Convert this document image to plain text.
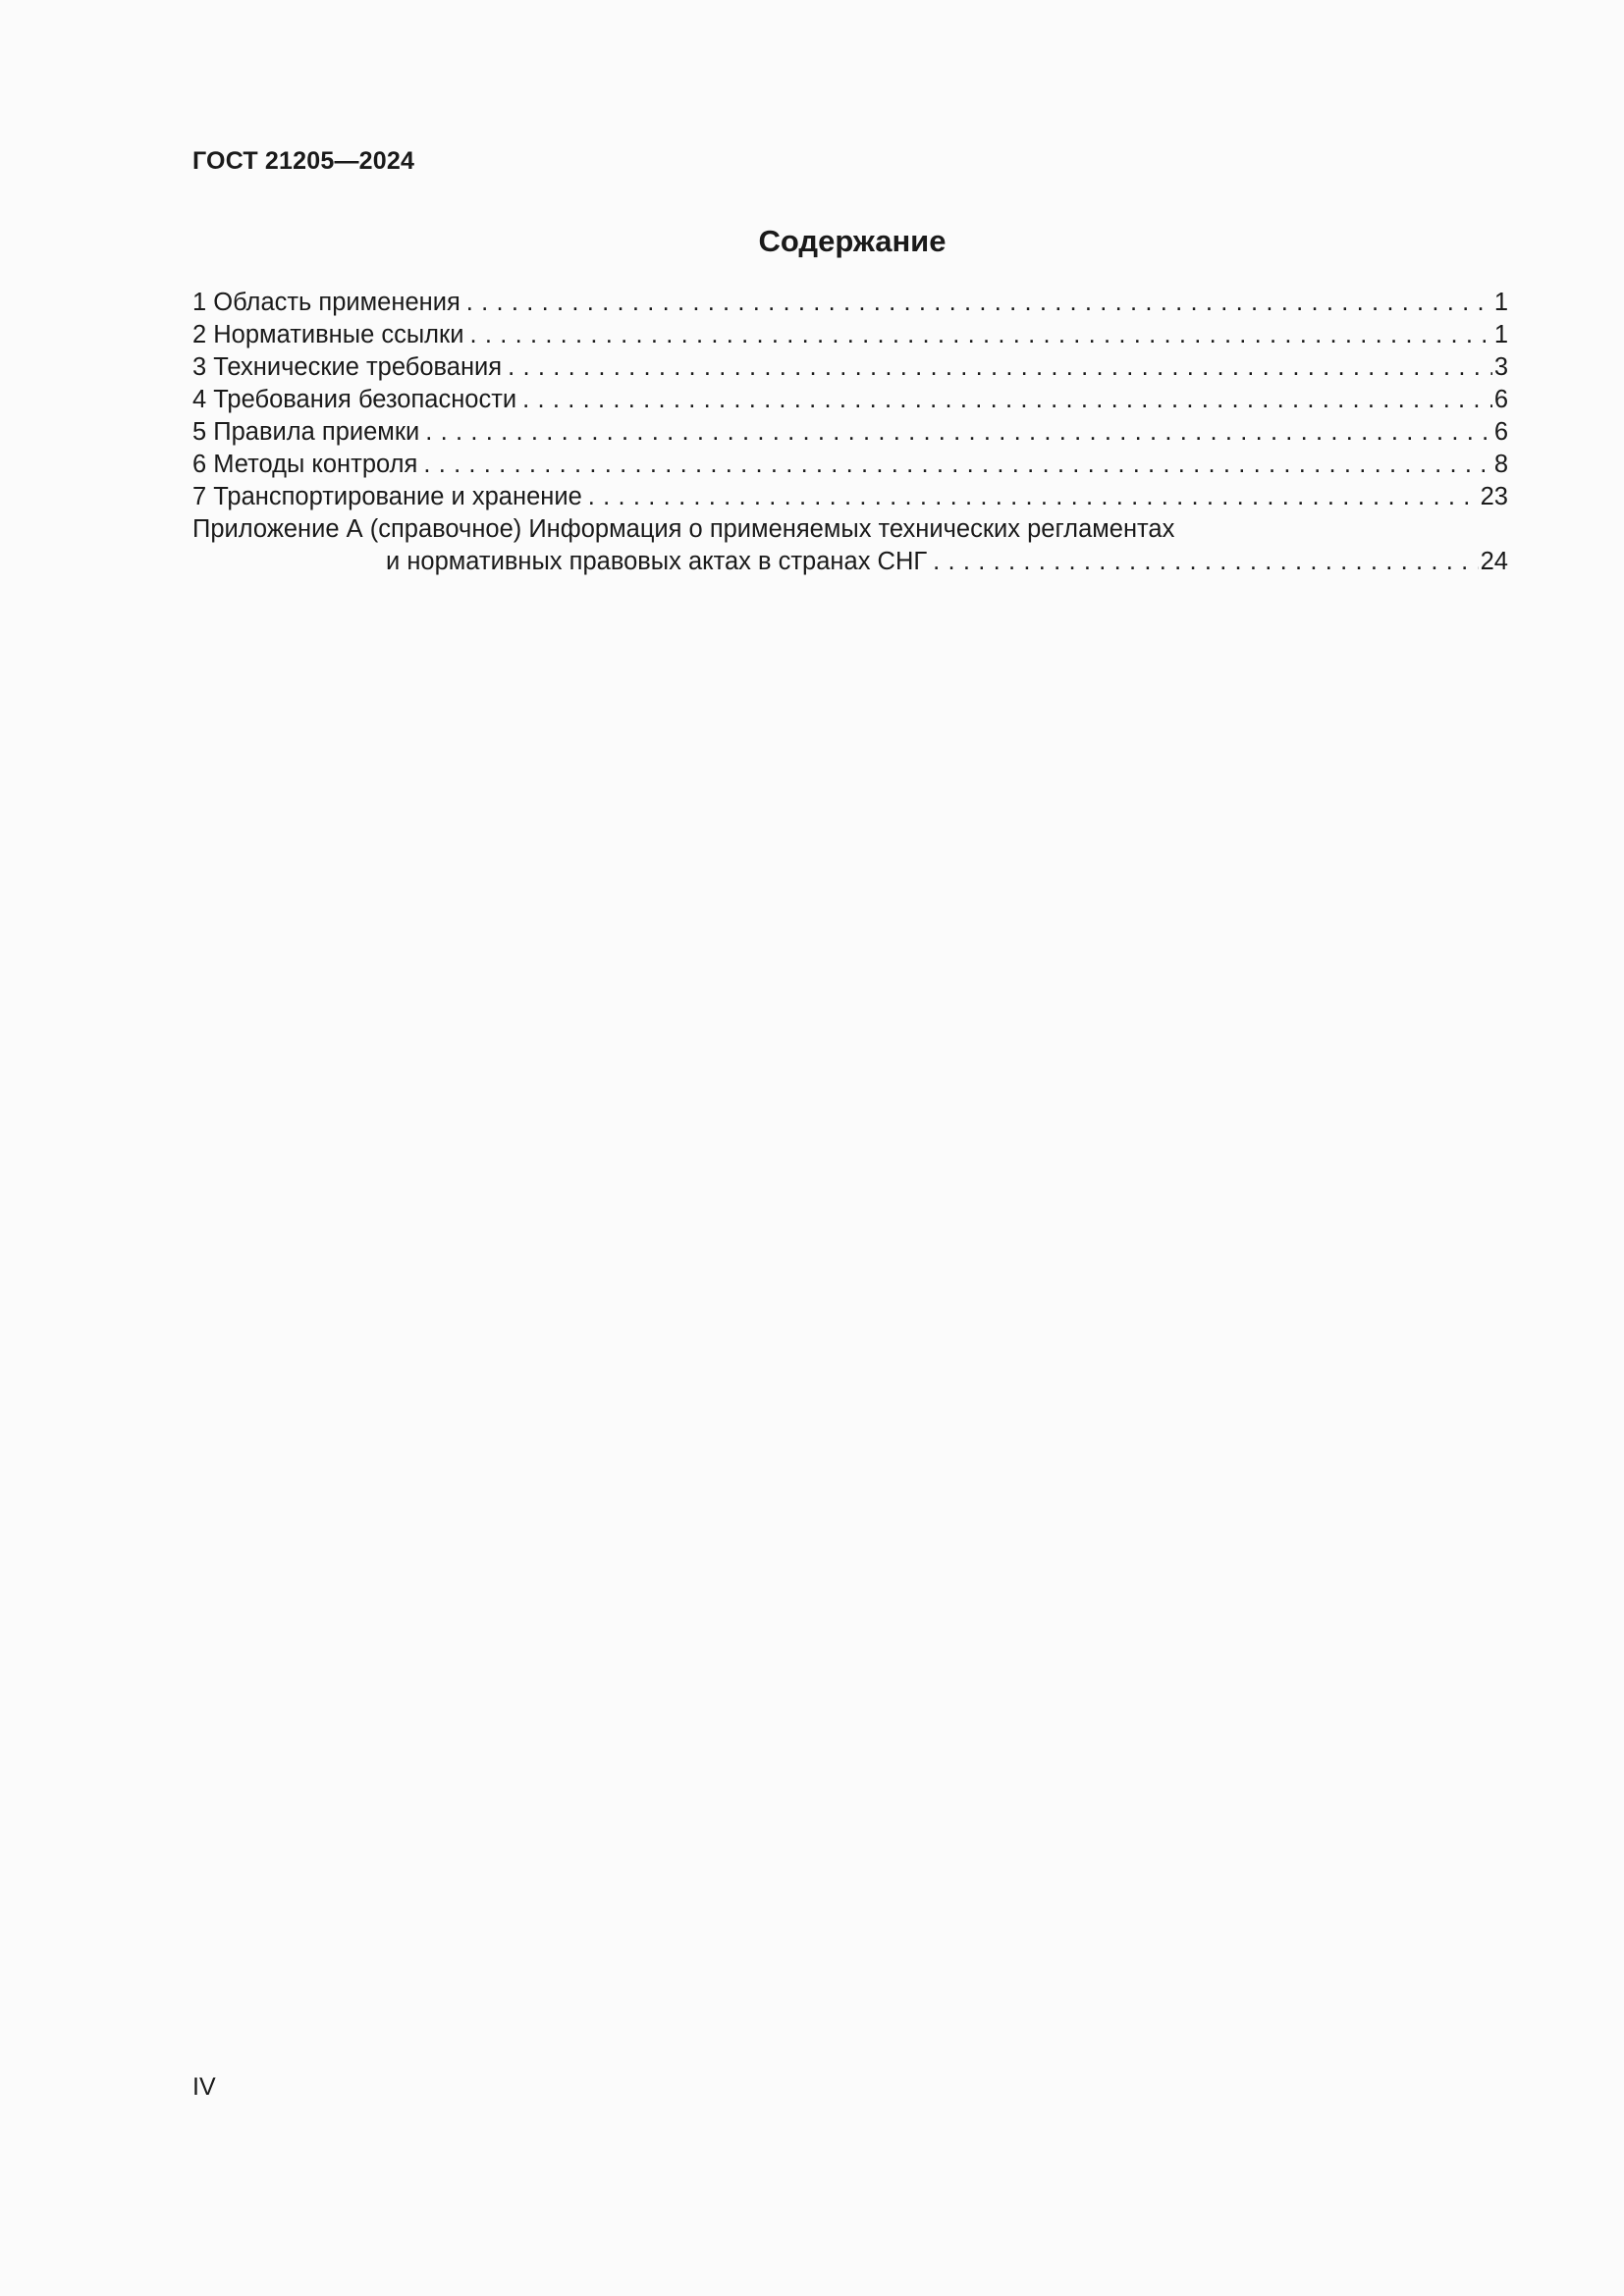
ГОСТ 21205—2024
Содержание
1 Область применения . . .	1
2 Нормативные ссылки . . .	1
3 Технические требования . . .	3
4 Требования безопасности . . .	6
5 Правила приемки . . .	6
6 Методы контроля . . .	8
7 Транспортирование и хранение . . .	23
Приложение А (справочное) Информация о применяемых технических регламентах
и нормативных правовых актах в странах СНГ . . .	24
IV
